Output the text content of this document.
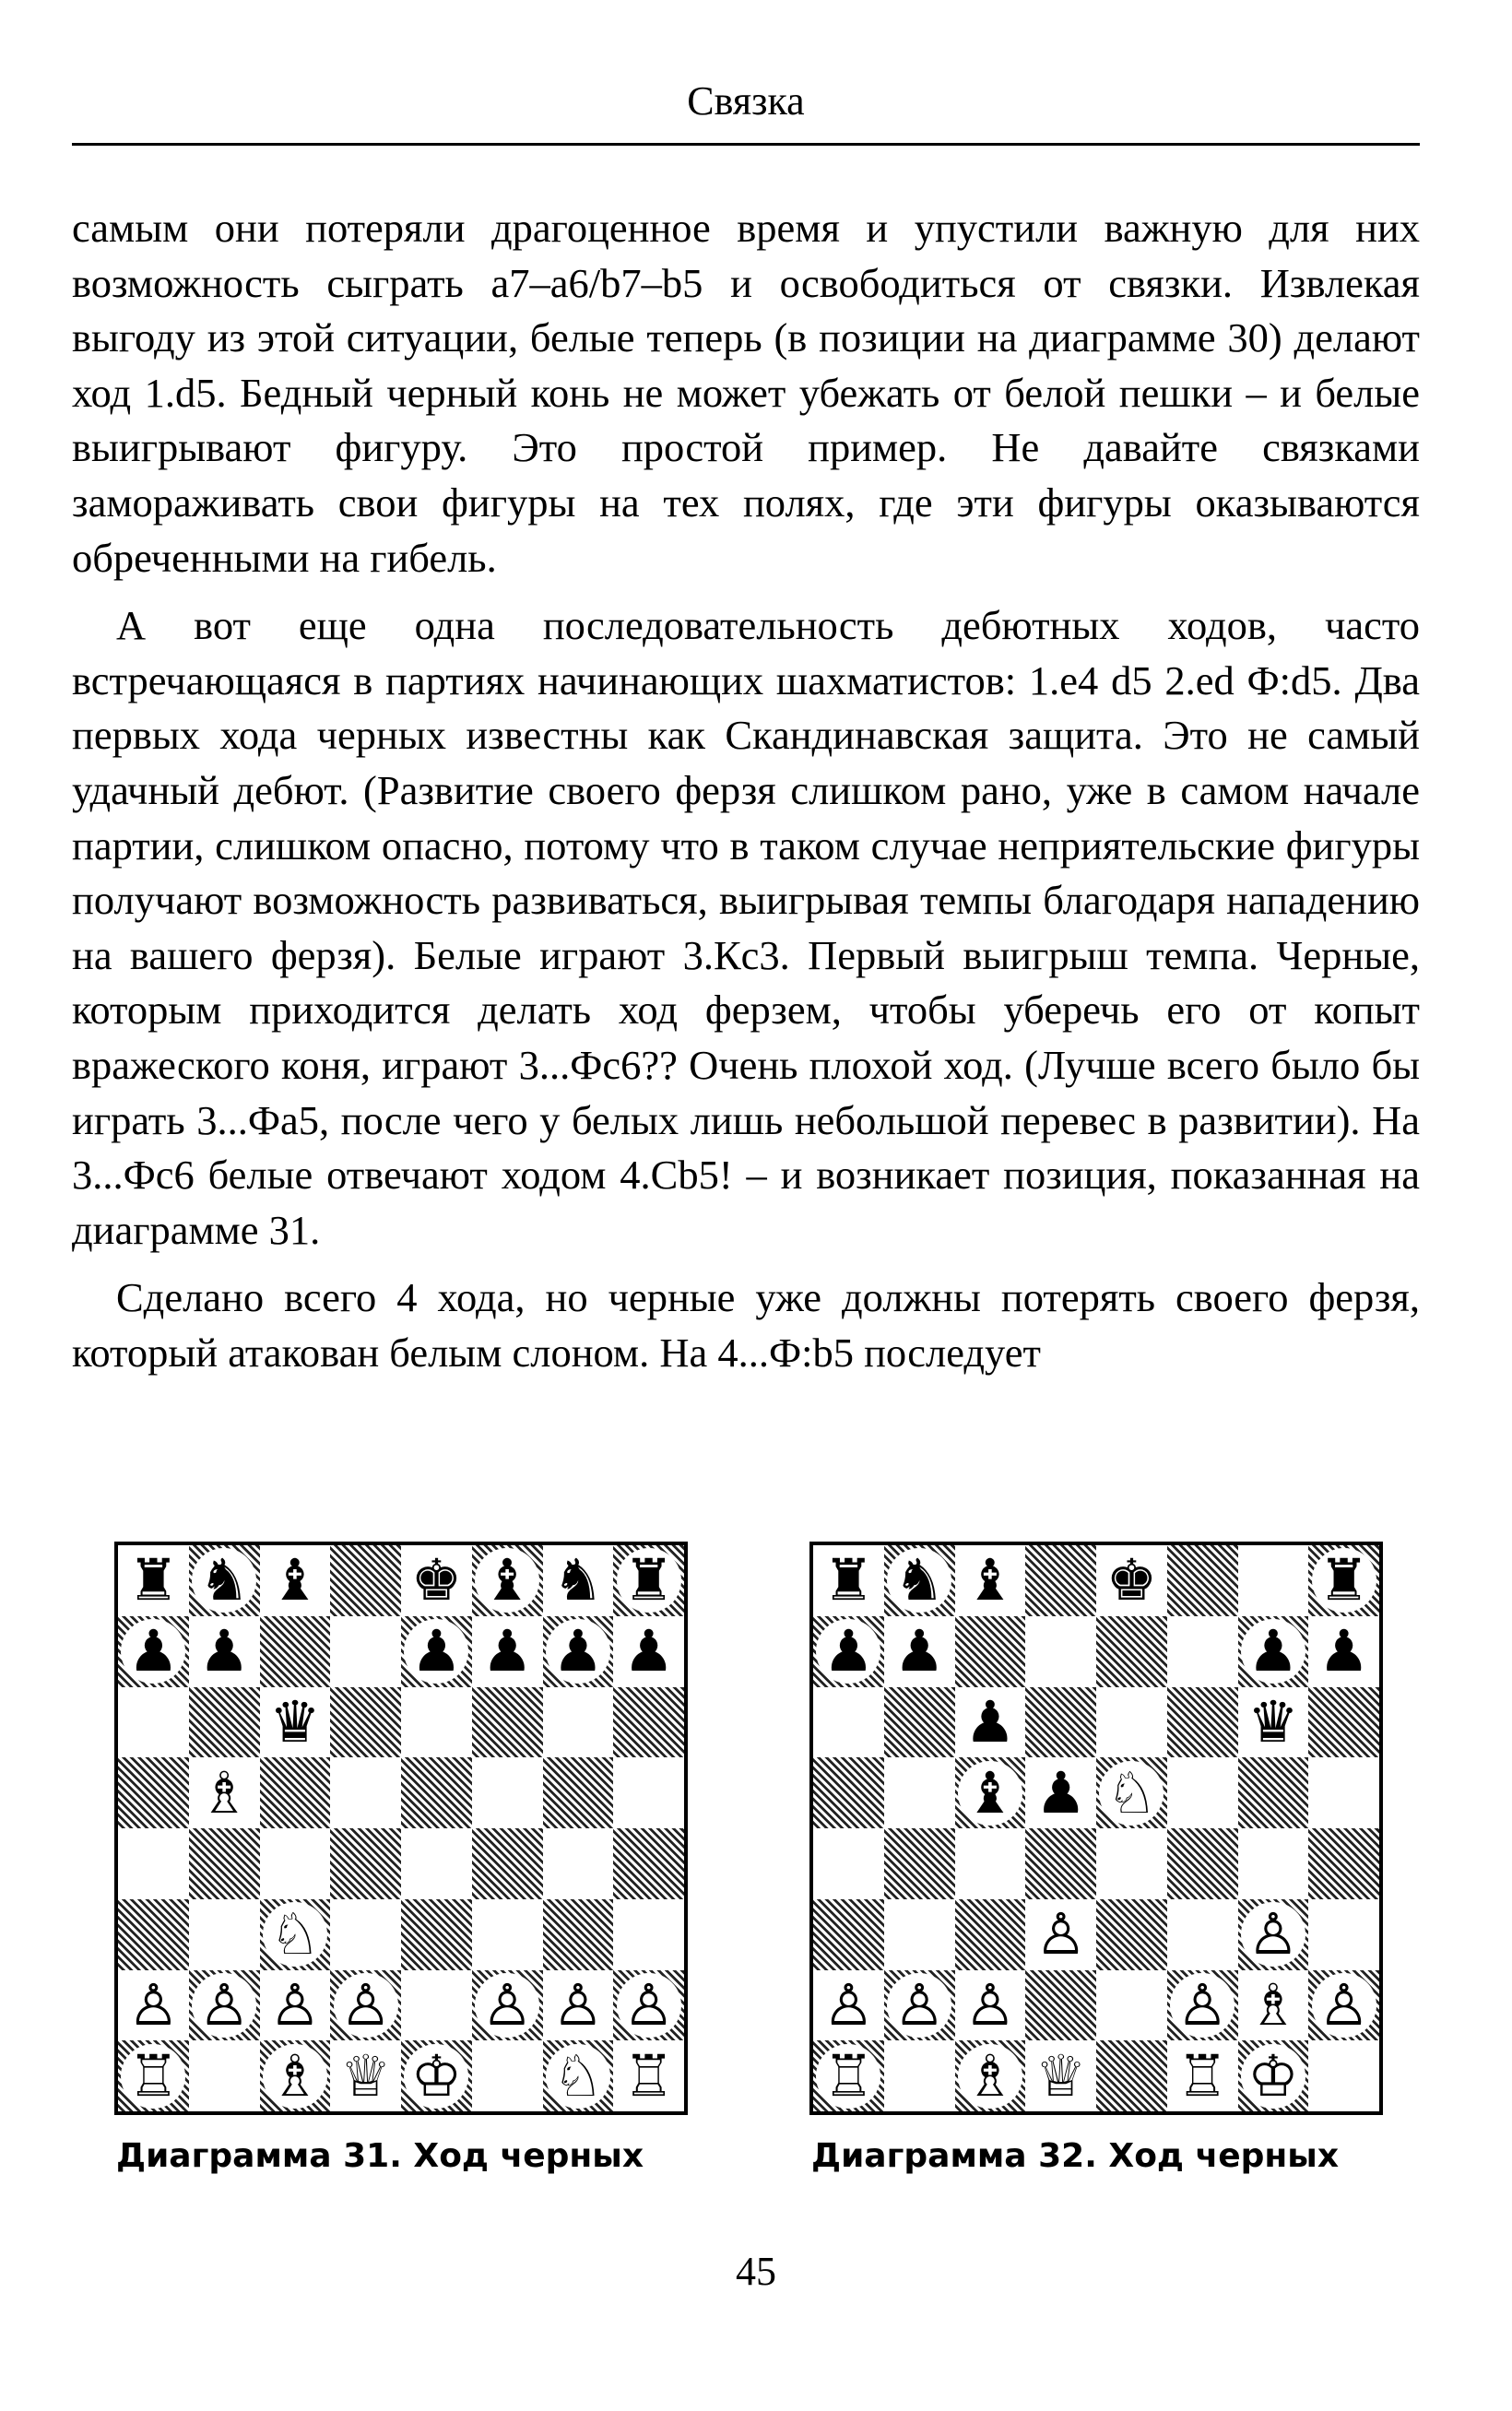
Связка

самым они потеряли драгоценное время и упустили важную для них возможность сыграть a7–a6/b7–b5 и освободиться от связки. Извлекая выгоду из этой ситуации, белые теперь (в позиции на диаграмме 30) делают ход 1.d5. Бедный черный конь не может убежать от белой пешки – и белые выигрывают фигуру. Это простой пример. Не давайте связками замораживать свои фигуры на тех полях, где эти фигуры оказываются обреченными на гибель.

А вот еще одна последовательность дебютных ходов, часто встречающаяся в партиях начинающих шахматистов: 1.e4 d5 2.ed Ф:d5. Два первых хода черных известны как Скандинавская защита. Это не самый удачный дебют. (Развитие своего ферзя слишком рано, уже в самом начале партии, слишком опасно, потому что в таком случае неприятельские фигуры получают возможность развиваться, выигрывая темпы благодаря нападению на вашего ферзя). Белые играют 3.Кc3. Первый выигрыш темпа. Черные, которым приходится делать ход ферзем, чтобы уберечь его от копыт вражеского коня, играют 3...Фc6?? Очень плохой ход. (Лучше всего было бы играть 3...Фa5, после чего у белых лишь небольшой перевес в развитии). На 3...Фc6 белые отвечают ходом 4.Cb5! – и возникает позиция, показанная на диаграмме 31.

Сделано всего 4 хода, но черные уже должны потерять своего ферзя, который атакован белым слоном. На 4...Ф:b5 последует

♜ ♞ ♝ ♚ ♝ ♞ ♜
♟ ♟	♟ ♟ ♟ ♟
♛
♗
♘
♙ ♙ ♙ ♙ ♙ ♙ ♙
♖ ♗ ♕ ♔ ♘ ♖
Диаграмма 31. Ход черных
♜ ♞ ♝ ♚	♜
♟ ♟	♟ ♟
♟	♛
♝ ♟ ♘
♙	♙
♙ ♙ ♙	♙ ♗ ♙
♖ ♗ ♕ ♖ ♔
Диаграмма 32. Ход черных
45
